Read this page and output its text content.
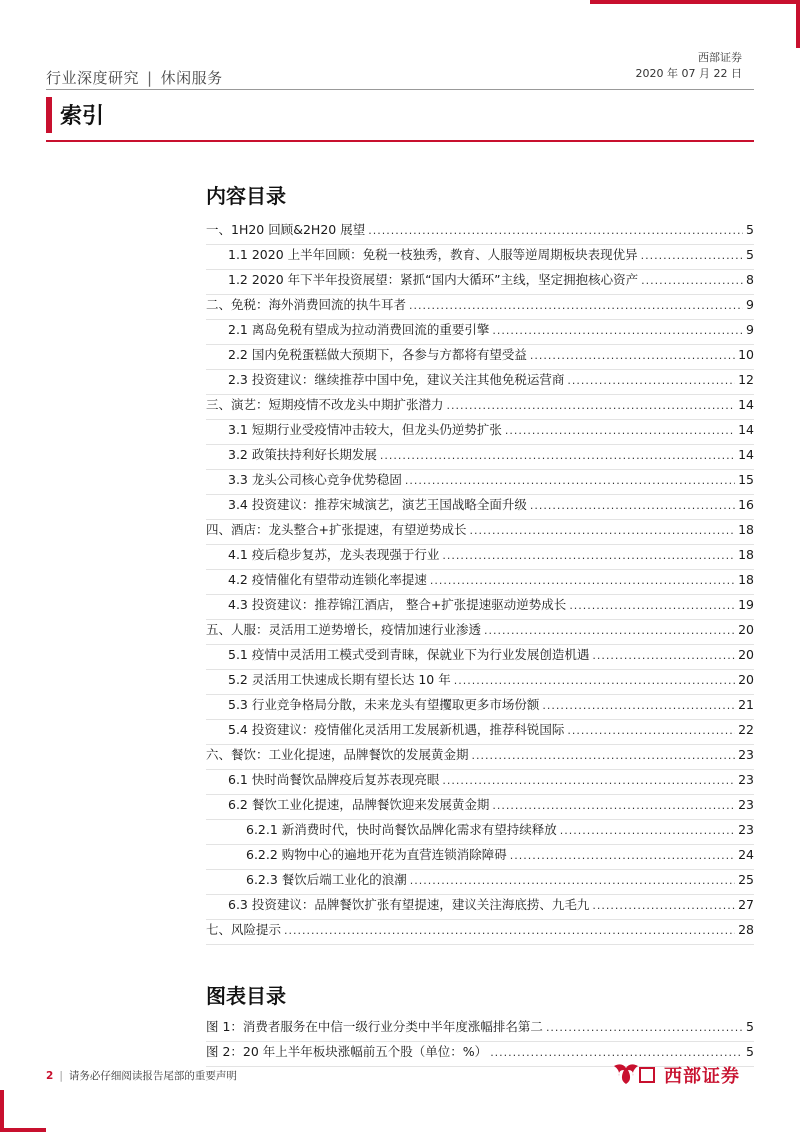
行业深度研究 | 休闲服务
西部证券
2020 年 07 月 22 日
索引
内容目录
一、1H20 回顾&2H20 展望 .....	5
1.1 2020 上半年回顾：免税一枝独秀，教育、人服等逆周期板块表现优异 .....	5
1.2 2020 年下半年投资展望：紧抓“国内大循环”主线，坚定拥抱核心资产 .....	8
二、免税：海外消费回流的执牛耳者 .....	9
2.1 离岛免税有望成为拉动消费回流的重要引擎 .....	9
2.2 国内免税蛋糕做大预期下，各参与方都将有望受益 .....	10
2.3 投资建议：继续推荐中国中免，建议关注其他免税运营商 .....	12
三、演艺：短期疫情不改龙头中期扩张潜力 .....	14
3.1 短期行业受疫情冲击较大，但龙头仍逆势扩张 .....	14
3.2 政策扶持利好长期发展 .....	14
3.3 龙头公司核心竞争优势稳固 .....	15
3.4 投资建议：推荐宋城演艺，演艺王国战略全面升级 .....	16
四、酒店：龙头整合+扩张提速，有望逆势成长 .....	18
4.1 疫后稳步复苏，龙头表现强于行业 .....	18
4.2 疫情催化有望带动连锁化率提速 .....	18
4.3 投资建议：推荐锦江酒店， 整合+扩张提速驱动逆势成长 .....	19
五、人服：灵活用工逆势增长，疫情加速行业渗透 .....	20
5.1 疫情中灵活用工模式受到青睐，保就业下为行业发展创造机遇 .....	20
5.2 灵活用工快速成长期有望长达 10 年 .....	20
5.3 行业竞争格局分散，未来龙头有望攫取更多市场份额 .....	21
5.4 投资建议：疫情催化灵活用工发展新机遇，推荐科锐国际 .....	22
六、餐饮：工业化提速，品牌餐饮的发展黄金期 .....	23
6.1 快时尚餐饮品牌疫后复苏表现亮眼 .....	23
6.2 餐饮工业化提速，品牌餐饮迎来发展黄金期 .....	23
6.2.1 新消费时代，快时尚餐饮品牌化需求有望持续释放 .....	23
6.2.2 购物中心的遍地开花为直营连锁消除障碍 .....	24
6.2.3 餐饮后端工业化的浪潮 .....	25
6.3 投资建议：品牌餐饮扩张有望提速，建议关注海底捞、九毛九 .....	27
七、风险提示 .....	28
图表目录
图 1：消费者服务在中信一级行业分类中半年度涨幅排名第二 .....	5
图 2：20 年上半年板块涨幅前五个股（单位：%） .....	5
2 | 请务必仔细阅读报告尾部的重要声明	西部证券
